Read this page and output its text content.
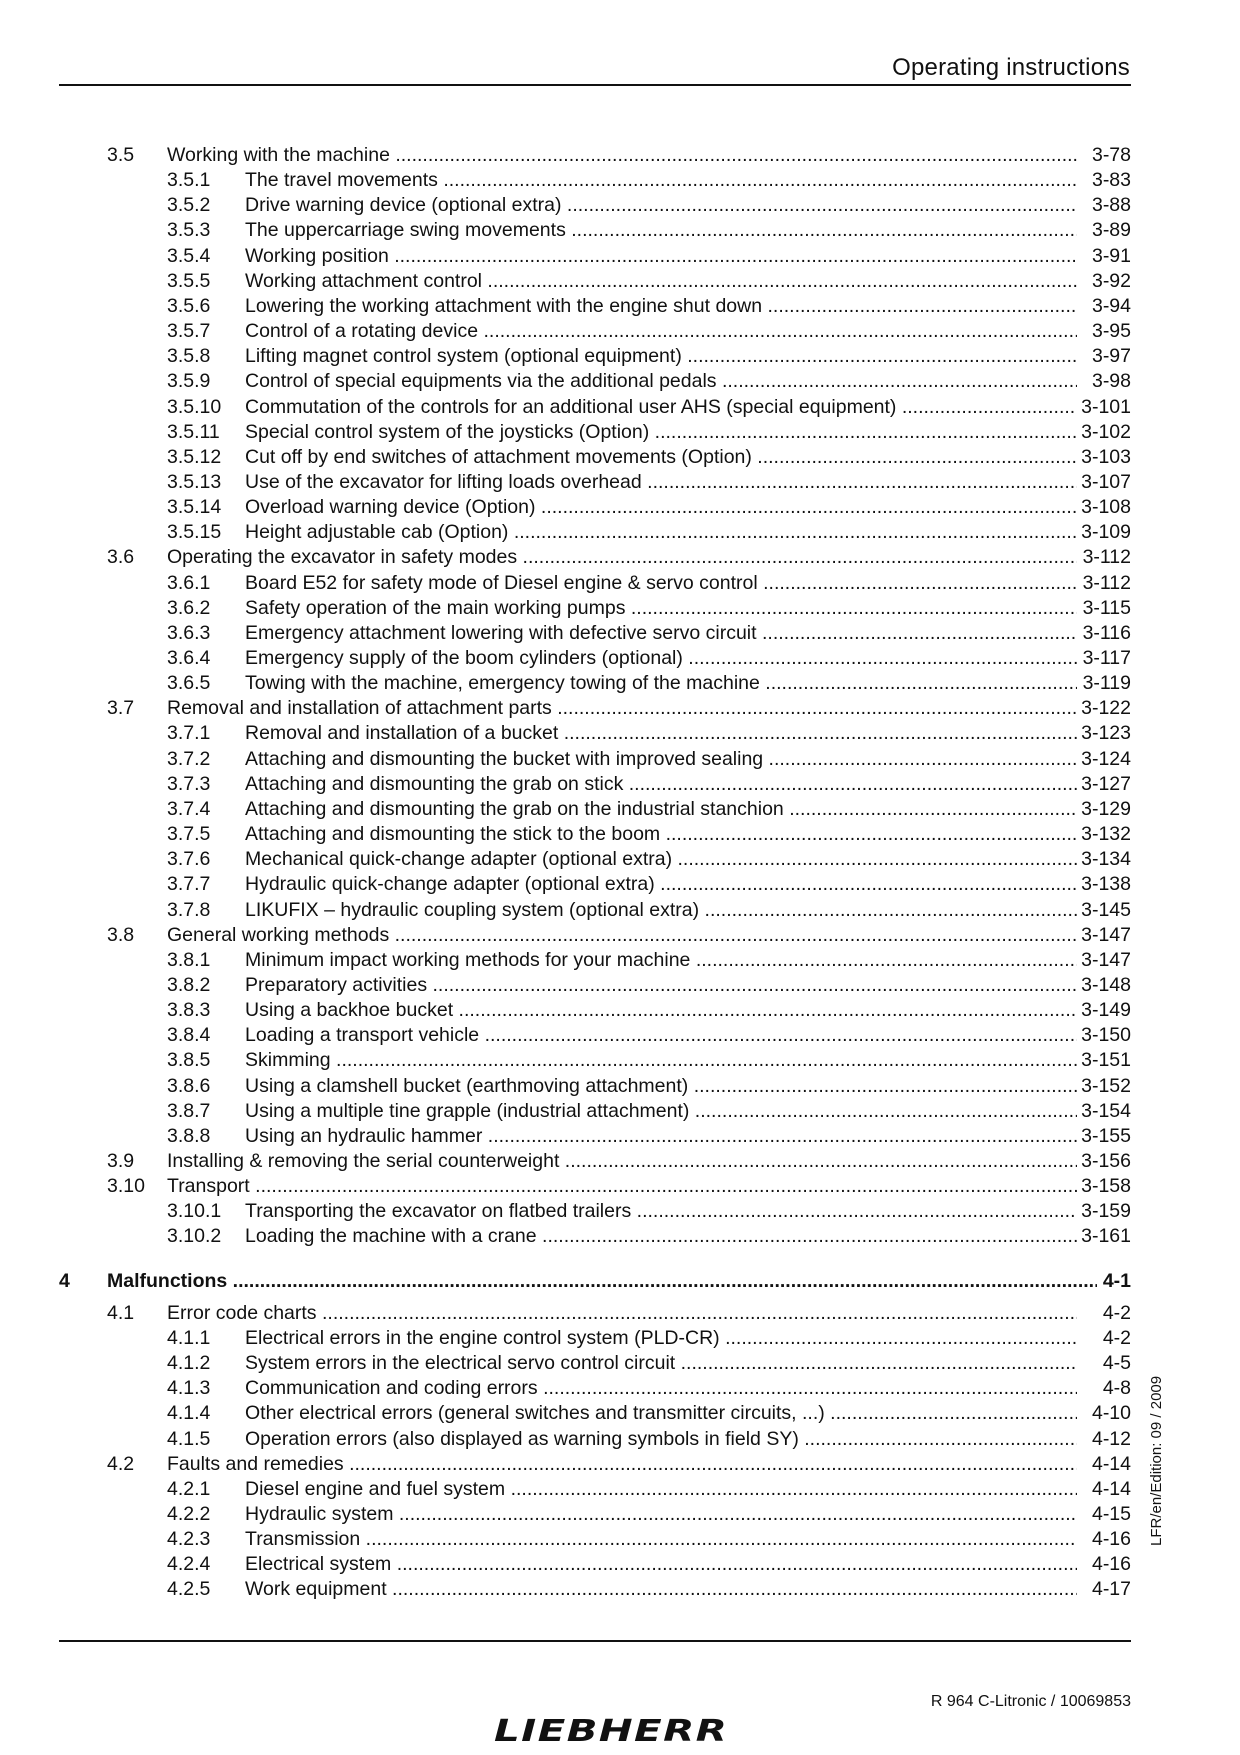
Operating instructions
3.5 Working with the machine .....	3-78
3.5.1 The travel movements .....	3-83
3.5.2 Drive warning device (optional extra) .....	3-88
3.5.3 The uppercarriage swing movements .....	3-89
3.5.4 Working position .....	3-91
3.5.5 Working attachment control .....	3-92
3.5.6 Lowering the working attachment with the engine shut down .....	3-94
3.5.7 Control of a rotating device .....	3-95
3.5.8 Lifting magnet control system (optional equipment) .....	3-97
3.5.9 Control of special equipments via the additional pedals .....	3-98
3.5.10 Commutation of the controls for an additional user AHS (special equipment) .....	3-101
3.5.11 Special control system of the joysticks (Option) .....	3-102
3.5.12 Cut off by end switches of attachment movements (Option) .....	3-103
3.5.13 Use of the excavator for lifting loads overhead .....	3-107
3.5.14 Overload warning device (Option) .....	3-108
3.5.15 Height adjustable cab (Option) .....	3-109
3.6 Operating the excavator in safety modes .....	3-112
3.6.1 Board E52 for safety mode of Diesel engine & servo control .....	3-112
3.6.2 Safety operation of the main working pumps .....	3-115
3.6.3 Emergency attachment lowering with defective servo circuit .....	3-116
3.6.4 Emergency supply of the boom cylinders (optional) .....	3-117
3.6.5 Towing with the machine, emergency towing of the machine .....	3-119
3.7 Removal and installation of attachment parts .....	3-122
3.7.1 Removal and installation of a bucket .....	3-123
3.7.2 Attaching and dismounting the bucket with improved sealing .....	3-124
3.7.3 Attaching and dismounting the grab on stick .....	3-127
3.7.4 Attaching and dismounting the grab on the industrial stanchion .....	3-129
3.7.5 Attaching and dismounting the stick to the boom .....	3-132
3.7.6 Mechanical quick-change adapter (optional extra) .....	3-134
3.7.7 Hydraulic quick-change adapter (optional extra) .....	3-138
3.7.8 LIKUFIX – hydraulic coupling system (optional extra) .....	3-145
3.8 General working methods .....	3-147
3.8.1 Minimum impact working methods for your machine .....	3-147
3.8.2 Preparatory activities .....	3-148
3.8.3 Using a backhoe bucket .....	3-149
3.8.4 Loading a transport vehicle .....	3-150
3.8.5 Skimming .....	3-151
3.8.6 Using a clamshell bucket (earthmoving attachment) .....	3-152
3.8.7 Using a multiple tine grapple (industrial attachment) .....	3-154
3.8.8 Using an hydraulic hammer .....	3-155
3.9 Installing & removing the serial counterweight .....	3-156
3.10 Transport .....	3-158
3.10.1 Transporting the excavator on flatbed trailers .....	3-159
3.10.2 Loading the machine with a crane .....	3-161
4 Malfunctions .....	4-1
4.1 Error code charts .....	4-2
4.1.1 Electrical errors in the engine control system (PLD-CR) .....	4-2
4.1.2 System errors in the electrical servo control circuit .....	4-5
4.1.3 Communication and coding errors .....	4-8
4.1.4 Other electrical errors (general switches and transmitter circuits, ...) .....	4-10
4.1.5 Operation errors (also displayed as warning symbols in field SY) .....	4-12
4.2 Faults and remedies .....	4-14
4.2.1 Diesel engine and fuel system .....	4-14
4.2.2 Hydraulic system .....	4-15
4.2.3 Transmission .....	4-16
4.2.4 Electrical system .....	4-16
4.2.5 Work equipment .....	4-17
LFR/en/Edition: 09 / 2009
R 964 C-Litronic / 10069853
LIEBHERR
